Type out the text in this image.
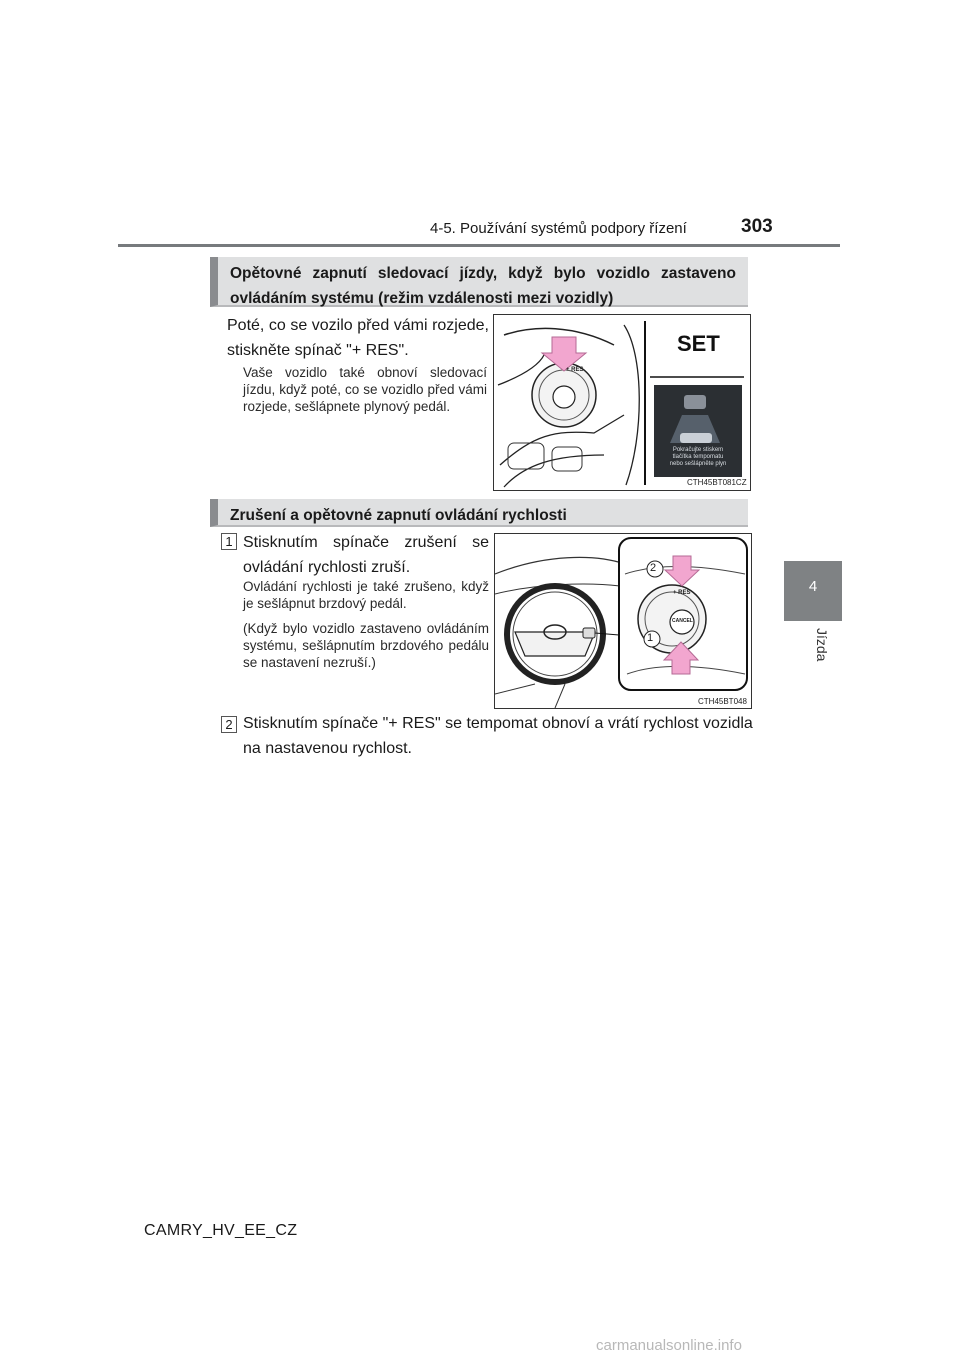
4-5. Používání systémů podpory řízení	303
4
Jízda
Opětovné zapnutí sledovací jízdy, když bylo vozidlo zastaveno ovládáním systému (režim vzdálenosti mezi vozidly)
Poté, co se vozilo před vámi rozjede, stiskněte spínač "+ RES".
Vaše vozidlo také obnoví sledovací jízdu, když poté, co se vozidlo před vámi rozjede, sešlápnete plynový pedál.
+ RES
SET
Pokračujte stiskem
tlačítka tempomatu
nebo sešlápněte plyn
CTH45BT081CZ
Zrušení a opětovné zapnutí ovládání rychlosti
1 Stisknutím spínače zrušení se ovládání rychlosti zruší.
Ovládání rychlosti je také zrušeno, když je sešlápnut brzdový pedál.
(Když bylo vozidlo zastaveno ovládáním systému, sešlápnutím brzdového pedálu se nastavení nezruší.)
2
1
+ RES
CANCEL
CTH45BT048
2 Stisknutím spínače "+ RES" se tempomat obnoví a vrátí rychlost vozidla na nastavenou rychlost.
CAMRY_HV_EE_CZ
carmanualsonline.info
